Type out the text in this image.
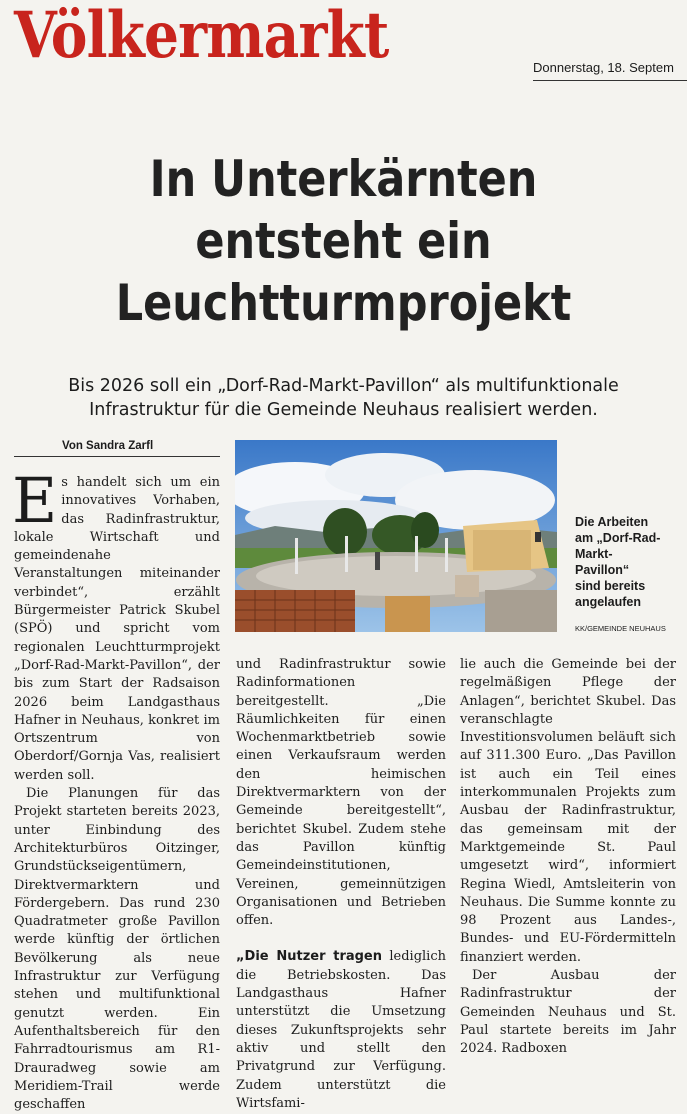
Völkermarkt	Donnerstag, 18. Septem
In Unterkärnten
entsteht ein
Leuchtturmprojekt
Bis 2026 soll ein „Dorf-Rad-Markt-Pavillon“ als multifunktionale
Infrastruktur für die Gemeinde Neuhaus realisiert werden.
Von Sandra Zarfl
Die Arbeiten
am „Dorf-Rad-
Markt-
Pavillon“
sind bereits
angelaufen
KK/GEMEINDE NEUHAUS

Es handelt sich um ein innovatives Vorhaben, das Radinfrastruktur, lokale Wirtschaft und gemeindenahe Veranstaltungen miteinander verbindet“, erzählt Bürgermeister Patrick Skubel (SPÖ) und spricht vom regionalen Leuchtturmprojekt „Dorf-Rad-Markt-Pavillon“, der bis zum Start der Radsaison 2026 beim Landgasthaus Hafner in Neuhaus, konkret im Ortszentrum von Oberdorf/Gornja Vas, realisiert werden soll.

Die Planungen für das Projekt starteten bereits 2023, unter Einbindung des Architekturbüros Oitzinger, Grundstückseigentümern, Direktvermarktern und Fördergebern. Das rund 230 Quadratmeter große Pavillon werde künftig der örtlichen Bevölkerung als neue Infrastruktur zur Verfügung stehen und multifunktional genutzt werden. Ein Aufenthaltsbereich für den Fahrradtourismus am R1-Drauradweg sowie am Meridiem-Trail werde geschaffen

und Radinfrastruktur sowie Radinformationen bereitgestellt. „Die Räumlichkeiten für einen Wochenmarktbetrieb sowie einen Verkaufsraum werden den heimischen Direktvermarktern von der Gemeinde bereitgestellt“, berichtet Skubel. Zudem stehe das Pavillon künftig Gemeindeinstitutionen, Vereinen, gemeinnützigen Organisationen und Betrieben offen.

„Die Nutzer tragen lediglich die Betriebskosten. Das Landgasthaus Hafner unterstützt die Umsetzung dieses Zukunftsprojekts sehr aktiv und stellt den Privatgrund zur Verfügung. Zudem unterstützt die Wirtsfami-

lie auch die Gemeinde bei der regelmäßigen Pflege der Anlagen“, berichtet Skubel. Das veranschlagte Investitionsvolumen beläuft sich auf 311.300 Euro. „Das Pavillon ist auch ein Teil eines interkommunalen Projekts zum Ausbau der Radinfrastruktur, das gemeinsam mit der Marktgemeinde St. Paul umgesetzt wird“, informiert Regina Wiedl, Amtsleiterin von Neuhaus. Die Summe konnte zu 98 Prozent aus Landes-, Bundes- und EU-Fördermitteln finanziert werden.

Der Ausbau der Radinfrastruktur der Gemeinden Neuhaus und St. Paul startete bereits im Jahr 2024. Radboxen
